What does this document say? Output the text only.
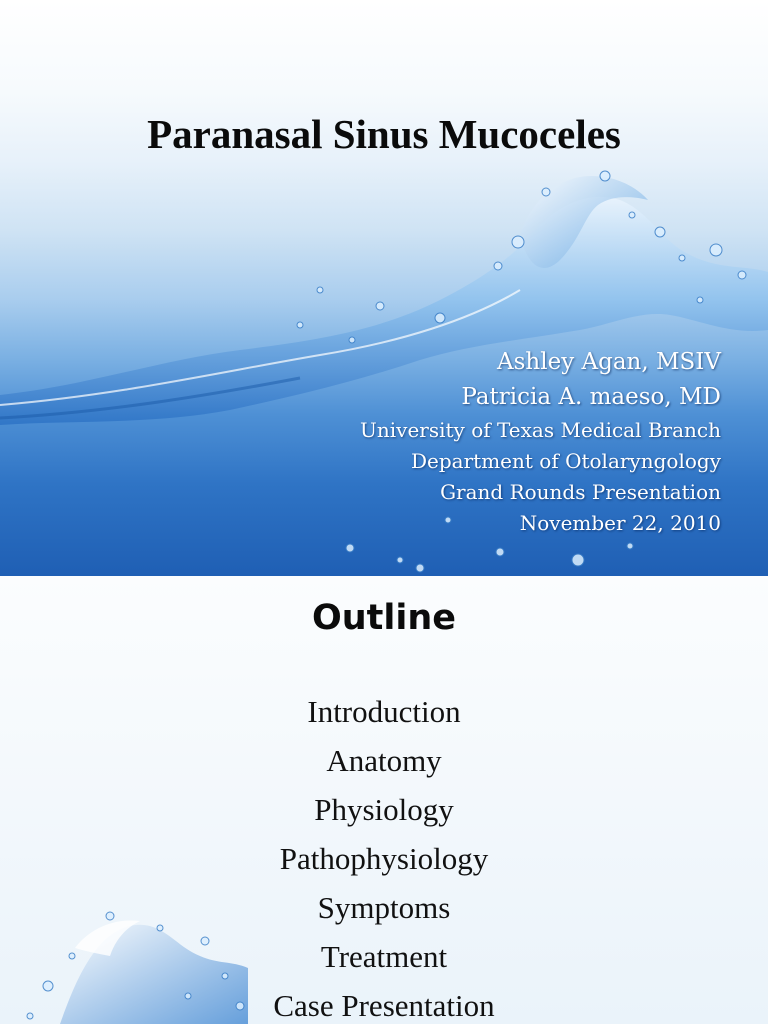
Paranasal Sinus Mucoceles
Ashley Agan, MSIV
Patricia A. maeso, MD
University of Texas Medical Branch
Department of Otolaryngology
Grand Rounds Presentation
November 22, 2010
Outline
Introduction
Anatomy
Physiology
Pathophysiology
Symptoms
Treatment
Case Presentation
